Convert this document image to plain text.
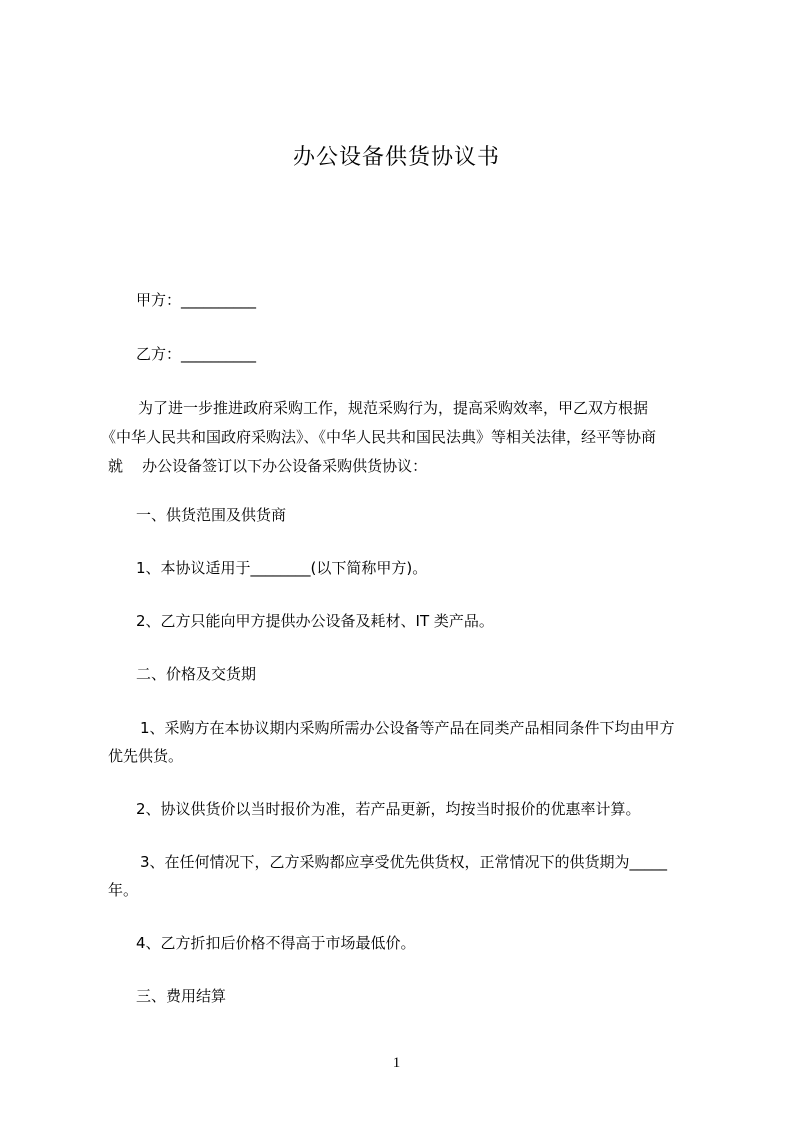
办公设备供货协议书
甲方：__________
乙方：__________
为了进一步推进政府采购工作，规范采购行为，提高采购效率，甲乙双方根据
《中华人民共和国政府采购法》、《中华人民共和国民法典》等相关法律，经平等协商
就    办公设备签订以下办公设备采购供货协议：
一、供货范围及供货商
1、本协议适用于________(以下简称甲方)。
2、乙方只能向甲方提供办公设备及耗材、IT 类产品。
二、价格及交货期
1、采购方在本协议期内采购所需办公设备等产品在同类产品相同条件下均由甲方
优先供货。
2、协议供货价以当时报价为准，若产品更新，均按当时报价的优惠率计算。
3、在任何情况下，乙方采购都应享受优先供货权，正常情况下的供货期为_____
年。
4、乙方折扣后价格不得高于市场最低价。
三、费用结算
1
